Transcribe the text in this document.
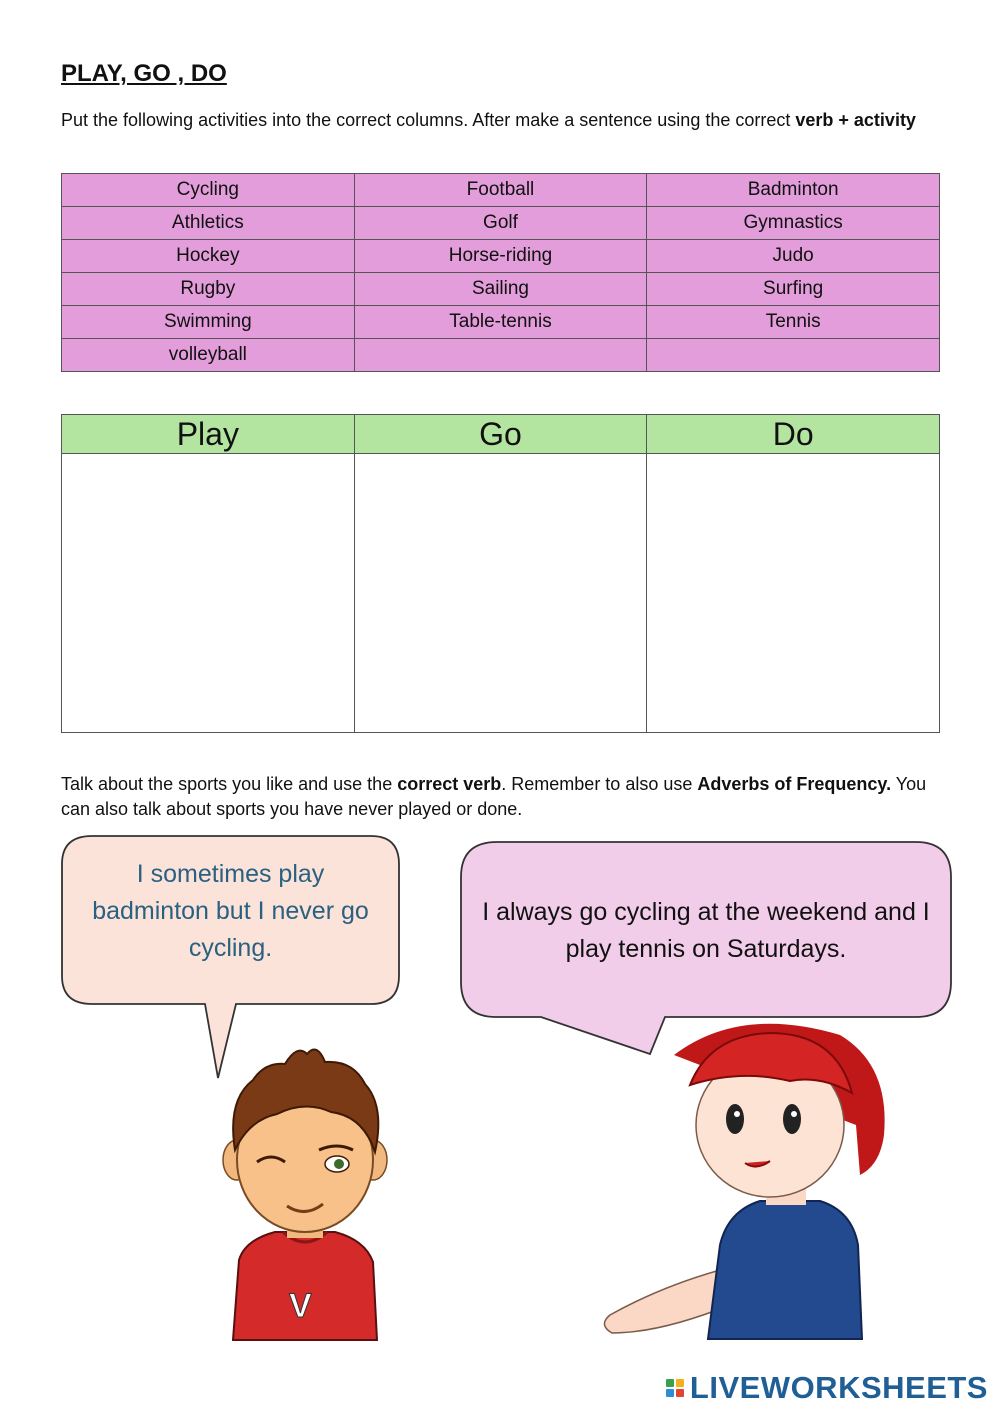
PLAY, GO , DO

Put the following activities into the correct columns. After make a sentence using the correct verb + activity

Cycling	Football	Badminton
Athletics	Golf	Gymnastics
Hockey	Horse-riding	Judo
Rugby	Sailing	Surfing
Swimming	Table-tennis	Tennis
volleyball		
Play	Go	Do

Talk about the sports you like and use the correct verb. Remember to also use Adverbs of Frequency. You can also talk about sports you have never played or done.

I sometimes play badminton but I never go cycling.
I always go cycling at the weekend and I play tennis on Saturdays.
V
LIVEWORKSHEETS
